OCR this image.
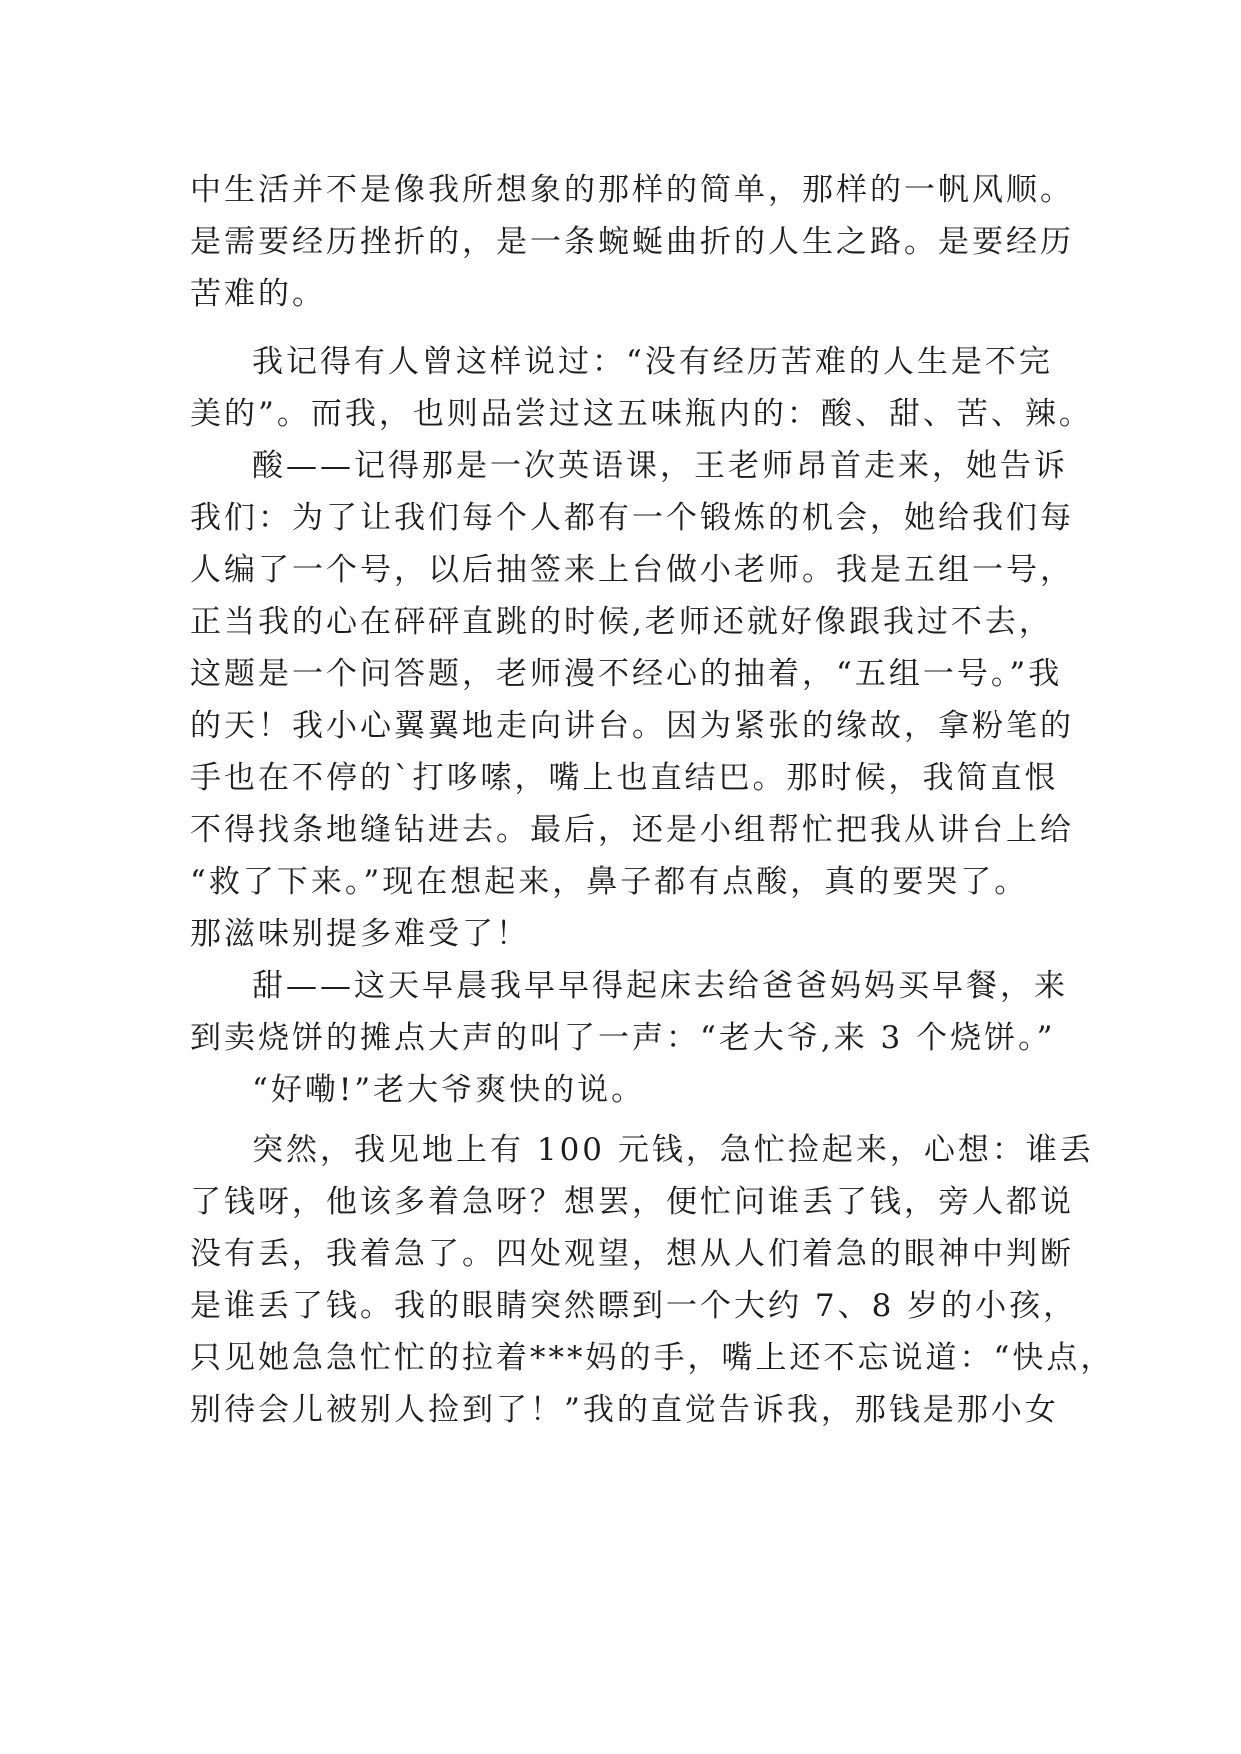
中生活并不是像我所想象的那样的简单，那样的一帆风顺。
是需要经历挫折的，是一条蜿蜒曲折的人生之路。是要经历
苦难的。
我记得有人曾这样说过：“没有经历苦难的人生是不完
美的”。而我，也则品尝过这五味瓶内的：酸、甜、苦、辣。
酸——记得那是一次英语课，王老师昂首走来，她告诉
我们：为了让我们每个人都有一个锻炼的机会，她给我们每
人编了一个号，以后抽签来上台做小老师。我是五组一号，
正当我的心在砰砰直跳的时候,老师还就好像跟我过不去，
这题是一个问答题，老师漫不经心的抽着，“五组一号。”我
的天！我小心翼翼地走向讲台。因为紧张的缘故，拿粉笔的
手也在不停的`打哆嗦，嘴上也直结巴。那时候，我简直恨
不得找条地缝钻进去。最后，还是小组帮忙把我从讲台上给
“救了下来。”现在想起来，鼻子都有点酸，真的要哭了。
那滋味别提多难受了！
甜——这天早晨我早早得起床去给爸爸妈妈买早餐，来
到卖烧饼的摊点大声的叫了一声：“老大爷,来 3 个烧饼。”
“好嘞!”老大爷爽快的说。
突然，我见地上有 100 元钱，急忙捡起来，心想：谁丢
了钱呀，他该多着急呀？想罢，便忙问谁丢了钱，旁人都说
没有丢，我着急了。四处观望，想从人们着急的眼神中判断
是谁丢了钱。我的眼睛突然瞟到一个大约 7、8 岁的小孩，
只见她急急忙忙的拉着***妈的手，嘴上还不忘说道：“快点，
别待会儿被别人捡到了！”我的直觉告诉我，那钱是那小女
